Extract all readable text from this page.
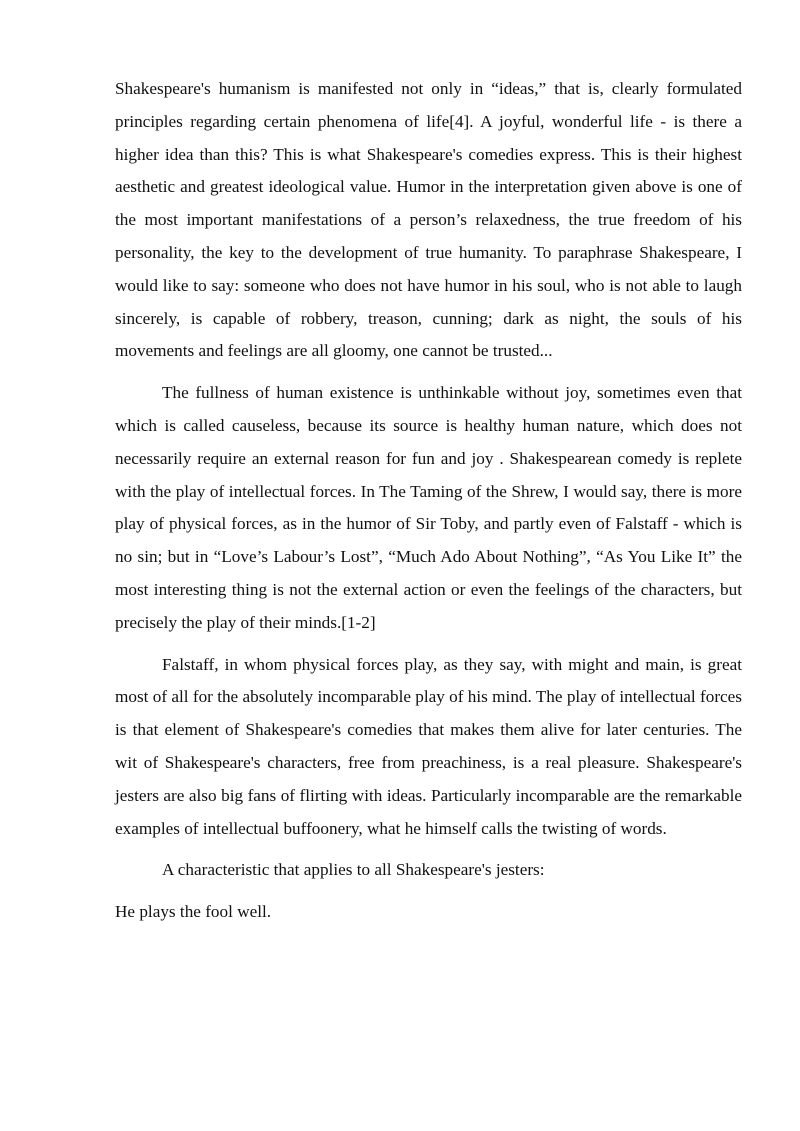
Shakespeare's humanism is manifested not only in “ideas,” that is, clearly formulated principles regarding certain phenomena of life[4]. A joyful, wonderful life - is there a higher idea than this? This is what Shakespeare's comedies express. This is their highest aesthetic and greatest ideological value. Humor in the interpretation given above is one of the most important manifestations of a person’s relaxedness, the true freedom of his personality, the key to the development of true humanity. To paraphrase Shakespeare, I would like to say: someone who does not have humor in his soul, who is not able to laugh sincerely, is capable of robbery, treason, cunning; dark as night, the souls of his movements and feelings are all gloomy, one cannot be trusted...

The fullness of human existence is unthinkable without joy, sometimes even that which is called causeless, because its source is healthy human nature, which does not necessarily require an external reason for fun and joy . Shakespearean comedy is replete with the play of intellectual forces. In The Taming of the Shrew, I would say, there is more play of physical forces, as in the humor of Sir Toby, and partly even of Falstaff - which is no sin; but in “Love’s Labour’s Lost”, “Much Ado About Nothing”, “As You Like It” the most interesting thing is not the external action or even the feelings of the characters, but precisely the play of their minds.[1-2]

Falstaff, in whom physical forces play, as they say, with might and main, is great most of all for the absolutely incomparable play of his mind. The play of intellectual forces is that element of Shakespeare's comedies that makes them alive for later centuries. The wit of Shakespeare's characters, free from preachiness, is a real pleasure. Shakespeare's jesters are also big fans of flirting with ideas. Particularly incomparable are the remarkable examples of intellectual buffoonery, what he himself calls the twisting of words.

A characteristic that applies to all Shakespeare's jesters:

He plays the fool well.
